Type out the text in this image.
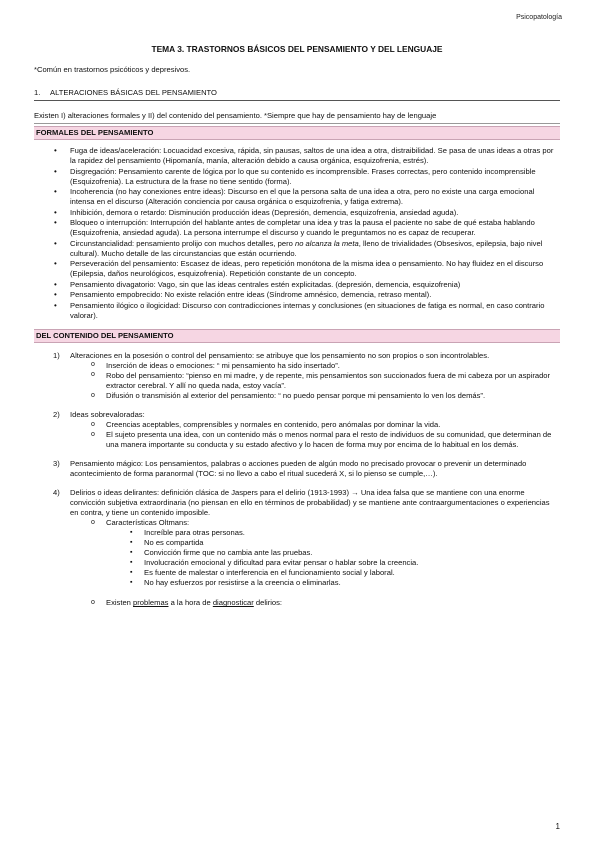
Psicopatología
TEMA 3. TRASTORNOS BÁSICOS DEL PENSAMIENTO Y DEL LENGUAJE
*Común en trastornos psicóticos y depresivos.
1. ALTERACIONES BÁSICAS DEL PENSAMIENTO
Existen I) alteraciones formales y II) del contenido del pensamiento. *Siempre que hay de pensamiento hay de lenguaje
FORMALES DEL PENSAMIENTO
• Fuga de ideas/aceleración: Locuacidad excesiva, rápida, sin pausas, saltos de una idea a otra, distraibilidad. Se pasa de unas ideas a otras por la rapidez del pensamiento (Hipomanía, manía, alteración debido a causa orgánica, esquizofrenia, estrés).
• Disgregación: Pensamiento carente de lógica por lo que su contenido es incomprensible. Frases correctas, pero contenido incomprensible (Esquizofrenia). La estructura de la frase no tiene sentido (forma).
• Incoherencia (no hay conexiones entre ideas): Discurso en el que la persona salta de una idea a otra, pero no existe una carga emocional intensa en el discurso (Alteración conciencia por causa orgánica o esquizofrenia, y fatiga extrema).
• Inhibición, demora o retardo: Disminución producción ideas (Depresión, demencia, esquizofrenia, ansiedad aguda).
• Bloqueo o interrupción: Interrupción del hablante antes de completar una idea y tras la pausa el paciente no sabe de qué estaba hablando (Esquizofrenia, ansiedad aguda). La persona interrumpe el discurso y cuando le preguntamos no es capaz de recuperar.
• Circunstancialidad: pensamiento prolijo con muchos detalles, pero no alcanza la meta, lleno de trivialidades (Obsesivos, epilepsia, bajo nivel cultural). Mucho detalle de las circunstancias que están ocurriendo.
• Perseveración del pensamiento: Escasez de ideas, pero repetición monótona de la misma idea o pensamiento. No hay fluidez en el discurso (Epilepsia, daños neurológicos, esquizofrenia). Repetición constante de un concepto.
• Pensamiento divagatorio: Vago, sin que las ideas centrales estén explicitadas. (depresión, demencia, esquizofrenia)
• Pensamiento empobrecido: No existe relación entre ideas (Síndrome amnésico, demencia, retraso mental).
• Pensamiento ilógico o ilogicidad: Discurso con contradicciones internas y conclusiones (en situaciones de fatiga es normal, en caso contrario valorar).
DEL CONTENIDO DEL PENSAMIENTO
1) Alteraciones en la posesión o control del pensamiento: se atribuye que los pensamiento no son propios o son incontrolables.
o Inserción de ideas o emociones: “ mi pensamiento ha sido insertado”.
o Robo del pensamiento: “pienso en mi madre, y de repente, mis pensamientos son succionados fuera de mi cabeza por un aspirador extractor cerebral. Y allí no queda nada, estoy vacía”.
o Difusión o transmisión al exterior del pensamiento: “ no puedo pensar porque mi pensamiento lo ven los demás”.
2) Ideas sobrevaloradas:
o Creencias aceptables, comprensibles y normales en contenido, pero anómalas por dominar la vida.
o El sujeto presenta una idea, con un contenido más o menos normal para el resto de individuos de su comunidad, que determinan de una manera importante su conducta y su estado afectivo y lo hacen de forma muy por encima de lo habitual en los demás.
3) Pensamiento mágico: Los pensamientos, palabras o acciones pueden de algún modo no precisado provocar o prevenir un determinado acontecimiento de forma paranormal (TOC: si no llevo a cabo el ritual sucederá X, si lo pienso se cumple,…).
4) Delirios o ideas delirantes: definición clásica de Jaspers para el delirio (1913-1993) → Una idea falsa que se mantiene con una enorme convicción subjetiva extraordinaria (no piensan en ello en términos de probabilidad) y se mantiene ante contraargumentaciones o experiencias en contra, y tiene un contenido imposible.
o Características Oltmans:
▪ Increíble para otras personas.
▪ No es compartida
▪ Convicción firme que no cambia ante las pruebas.
▪ Involucración emocional y dificultad para evitar pensar o hablar sobre la creencia.
▪ Es fuente de malestar o interferencia en el funcionamiento social y laboral.
▪ No hay esfuerzos por resistirse a la creencia o eliminarlas.
o Existen problemas a la hora de diagnosticar delirios:
1
